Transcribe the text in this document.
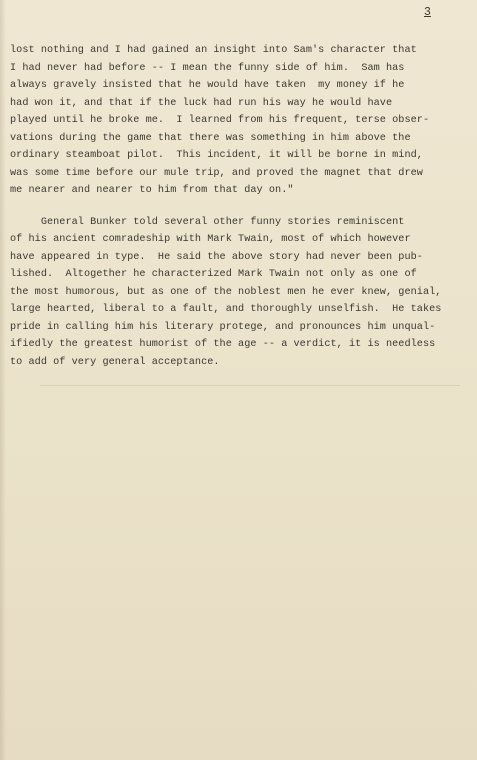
3
lost nothing and I had gained an insight into Sam's character that
I had never had before -- I mean the funny side of him.  Sam has
always gravely insisted that he would have taken  my money if he
had won it, and that if the luck had run his way he would have
played until he broke me.  I learned from his frequent, terse obser-
vations during the game that there was something in him above the
ordinary steamboat pilot.  This incident, it will be borne in mind,
was some time before our mule trip, and proved the magnet that drew
me nearer and nearer to him from that day on."
General Bunker told several other funny stories reminiscent
of his ancient comradeship with Mark Twain, most of which however
have appeared in type.  He said the above story had never been pub-
lished.  Altogether he characterized Mark Twain not only as one of
the most humorous, but as one of the noblest men he ever knew, genial,
large hearted, liberal to a fault, and thoroughly unselfish.  He takes
pride in calling him his literary protege, and pronounces him unqual-
ifiedly the greatest humorist of the age -- a verdict, it is needless
to add of very general acceptance.
